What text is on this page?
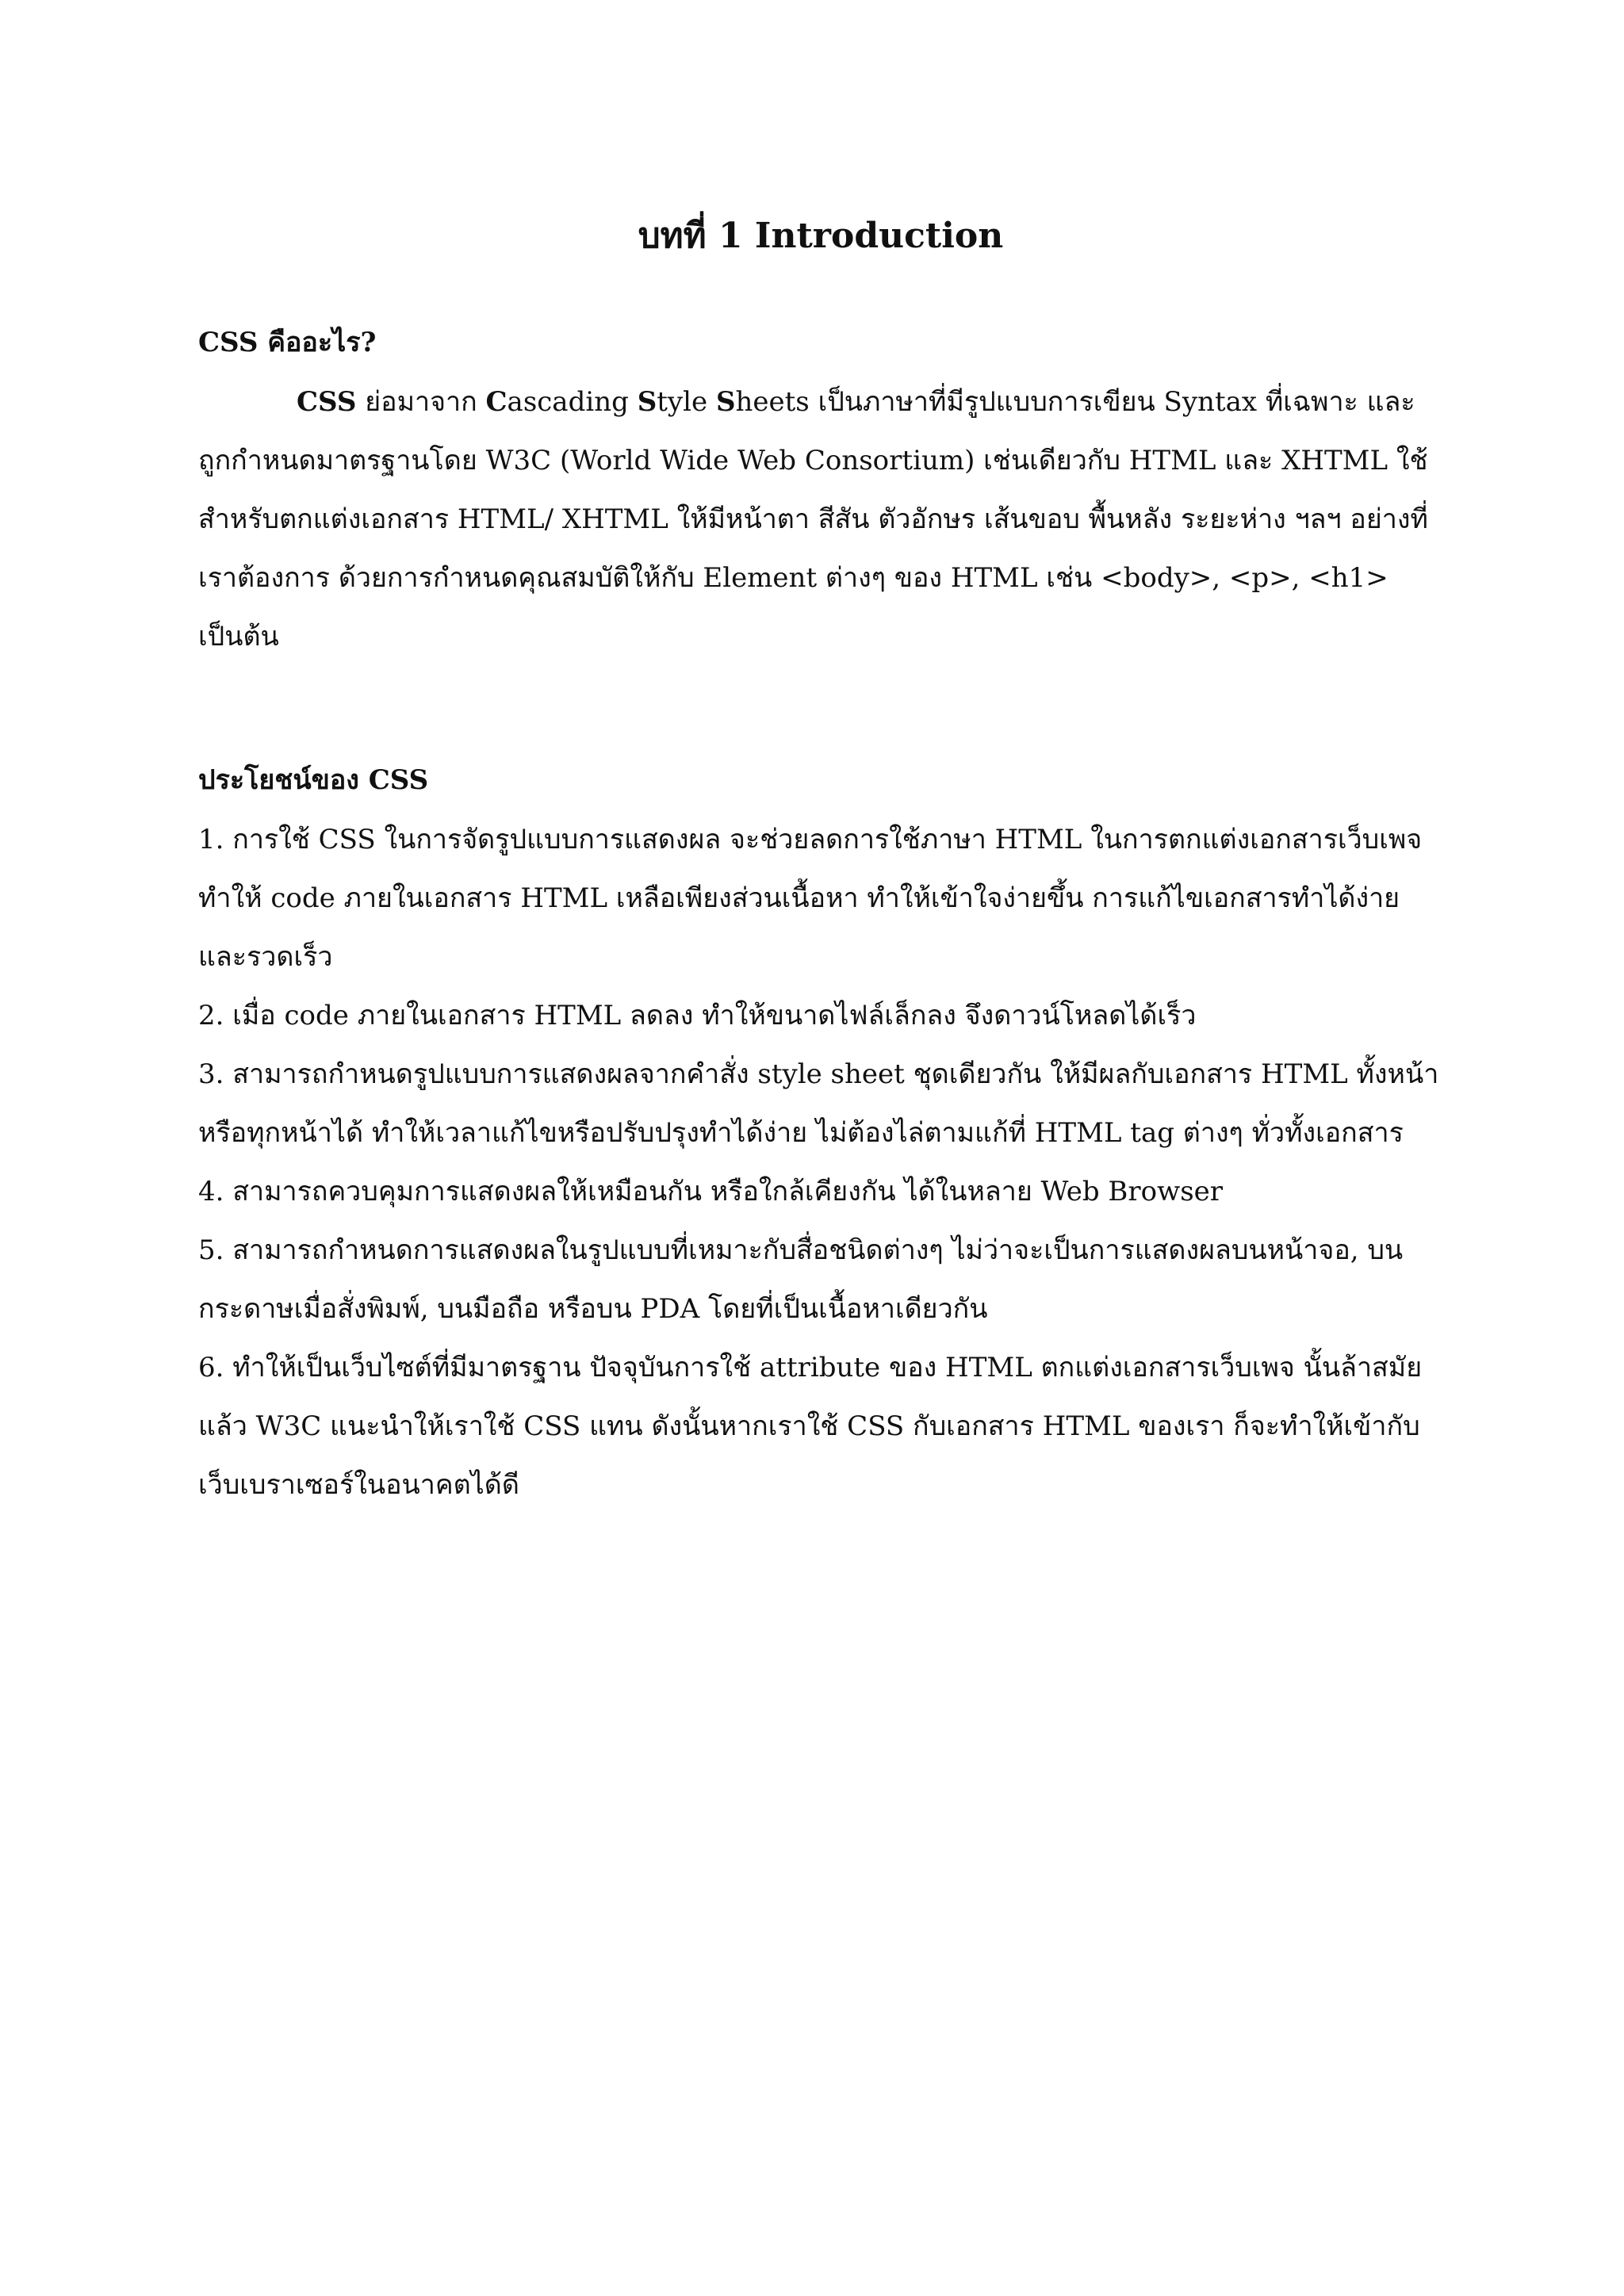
บทที่ 1 Introduction
CSS คืออะไร?

CSS ย่อมาจาก Cascading Style Sheets เป็นภาษาที่มีรูปแบบการเขียน Syntax ที่เฉพาะ และถูกกำหนดมาตรฐานโดย W3C (World Wide Web Consortium) เช่นเดียวกับ HTML และ XHTML ใช้สำหรับตกแต่งเอกสาร HTML/ XHTML ให้มีหน้าตา สีสัน ตัวอักษร เส้นขอบ พื้นหลัง ระยะห่าง ฯลฯ อย่างที่เราต้องการ ด้วยการกำหนดคุณสมบัติให้กับ Element ต่างๆ ของ HTML เช่น <body>, <p>, <h1> เป็นต้น

ประโยชน์ของ CSS
1. การใช้ CSS ในการจัดรูปแบบการแสดงผล จะช่วยลดการใช้ภาษา HTML ในการตกแต่งเอกสารเว็บเพจ ทำให้ code ภายในเอกสาร HTML เหลือเพียงส่วนเนื้อหา ทำให้เข้าใจง่ายขึ้น การแก้ไขเอกสารทำได้ง่ายและรวดเร็ว
2. เมื่อ code ภายในเอกสาร HTML ลดลง ทำให้ขนาดไฟล์เล็กลง จึงดาวน์โหลดได้เร็ว
3. สามารถกำหนดรูปแบบการแสดงผลจากคำสั่ง style sheet ชุดเดียวกัน ให้มีผลกับเอกสาร HTML ทั้งหน้าหรือทุกหน้าได้ ทำให้เวลาแก้ไขหรือปรับปรุงทำได้ง่าย ไม่ต้องไล่ตามแก้ที่ HTML tag ต่างๆ ทั่วทั้งเอกสาร
4. สามารถควบคุมการแสดงผลให้เหมือนกัน หรือใกล้เคียงกัน ได้ในหลาย Web Browser
5. สามารถกำหนดการแสดงผลในรูปแบบที่เหมาะกับสื่อชนิดต่างๆ ไม่ว่าจะเป็นการแสดงผลบนหน้าจอ, บนกระดาษเมื่อสั่งพิมพ์, บนมือถือ หรือบน PDA โดยที่เป็นเนื้อหาเดียวกัน
6. ทำให้เป็นเว็บไซต์ที่มีมาตรฐาน ปัจจุบันการใช้ attribute ของ HTML ตกแต่งเอกสารเว็บเพจ นั้นล้าสมัยแล้ว W3C แนะนำให้เราใช้ CSS แทน ดังนั้นหากเราใช้ CSS กับเอกสาร HTML ของเรา ก็จะทำให้เข้ากับเว็บเบราเซอร์ในอนาคตได้ดี
